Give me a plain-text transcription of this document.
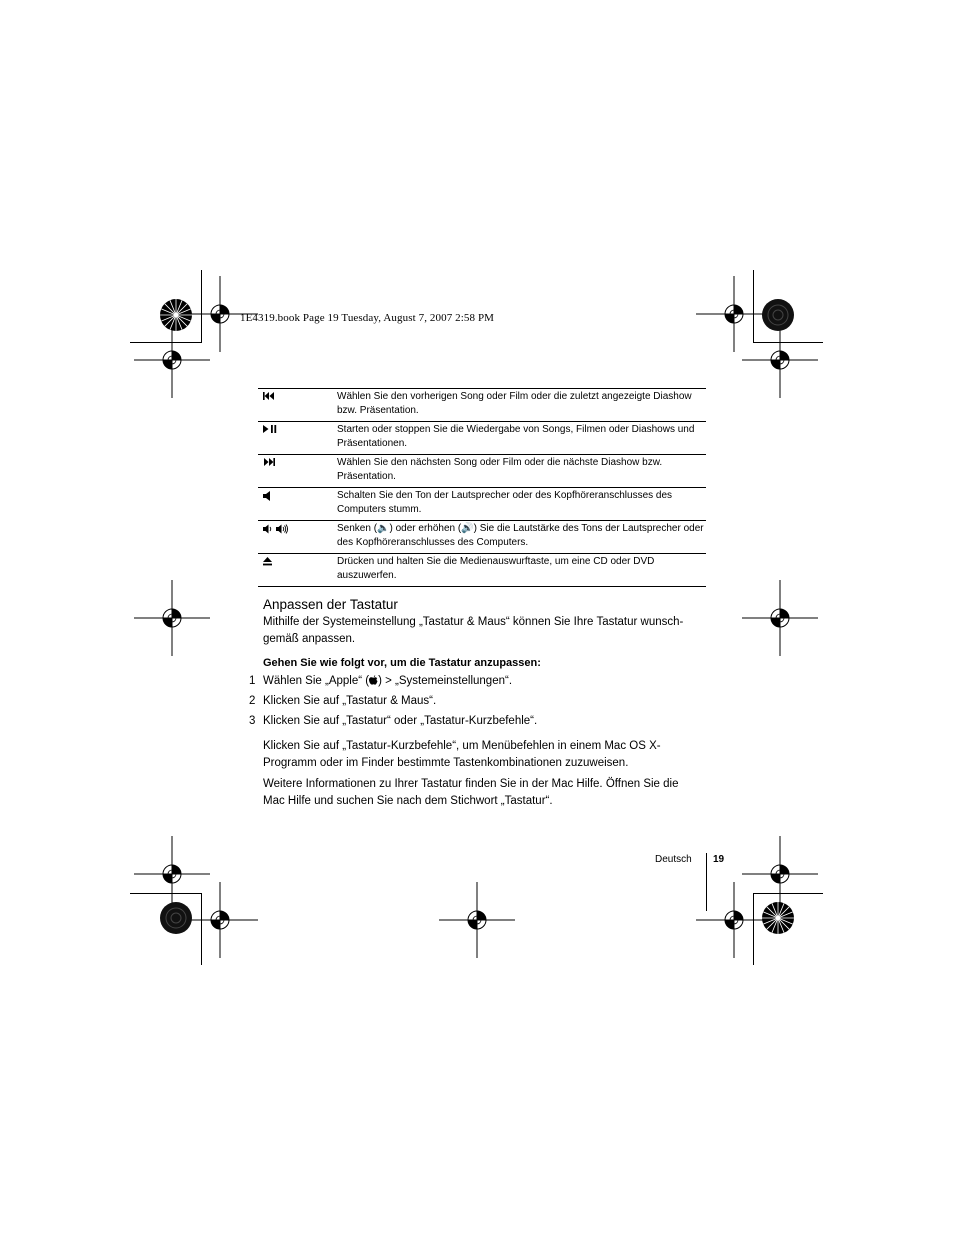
1E4319.book Page 19 Tuesday, August 7, 2007 2:58 PM
Wählen Sie den vorherigen Song oder Film oder die zuletzt angezeigte Diashow bzw. Präsentation.
Starten oder stoppen Sie die Wiedergabe von Songs, Filmen oder Diashows und Präsentationen.
Wählen Sie den nächsten Song oder Film oder die nächste Diashow bzw. Präsentation.
Schalten Sie den Ton der Lautsprecher oder des Kopfhöreranschlusses des Computers stumm.
Senken (🔈) oder erhöhen (🔊) Sie die Lautstärke des Tons der Lautsprecher oder des Kopfhöreranschlusses des Computers.
Drücken und halten Sie die Medienauswurftaste, um eine CD oder DVD auszuwerfen.
Anpassen der Tastatur
Mithilfe der Systemeinstellung „Tastatur & Maus“ können Sie Ihre Tastatur wunsch-gemäß anpassen.
Gehen Sie wie folgt vor, um die Tastatur anzupassen:
1 Wählen Sie „Apple“ ( ) > „Systemeinstellungen“.
2 Klicken Sie auf „Tastatur & Maus“.
3 Klicken Sie auf „Tastatur“ oder „Tastatur-Kurzbefehle“.
Klicken Sie auf „Tastatur-Kurzbefehle“, um Menübefehlen in einem Mac OS X-Programm oder im Finder bestimmte Tastenkombinationen zuzuweisen.
Weitere Informationen zu Ihrer Tastatur finden Sie in der Mac Hilfe. Öffnen Sie die Mac Hilfe und suchen Sie nach dem Stichwort „Tastatur“.
Deutsch 19
